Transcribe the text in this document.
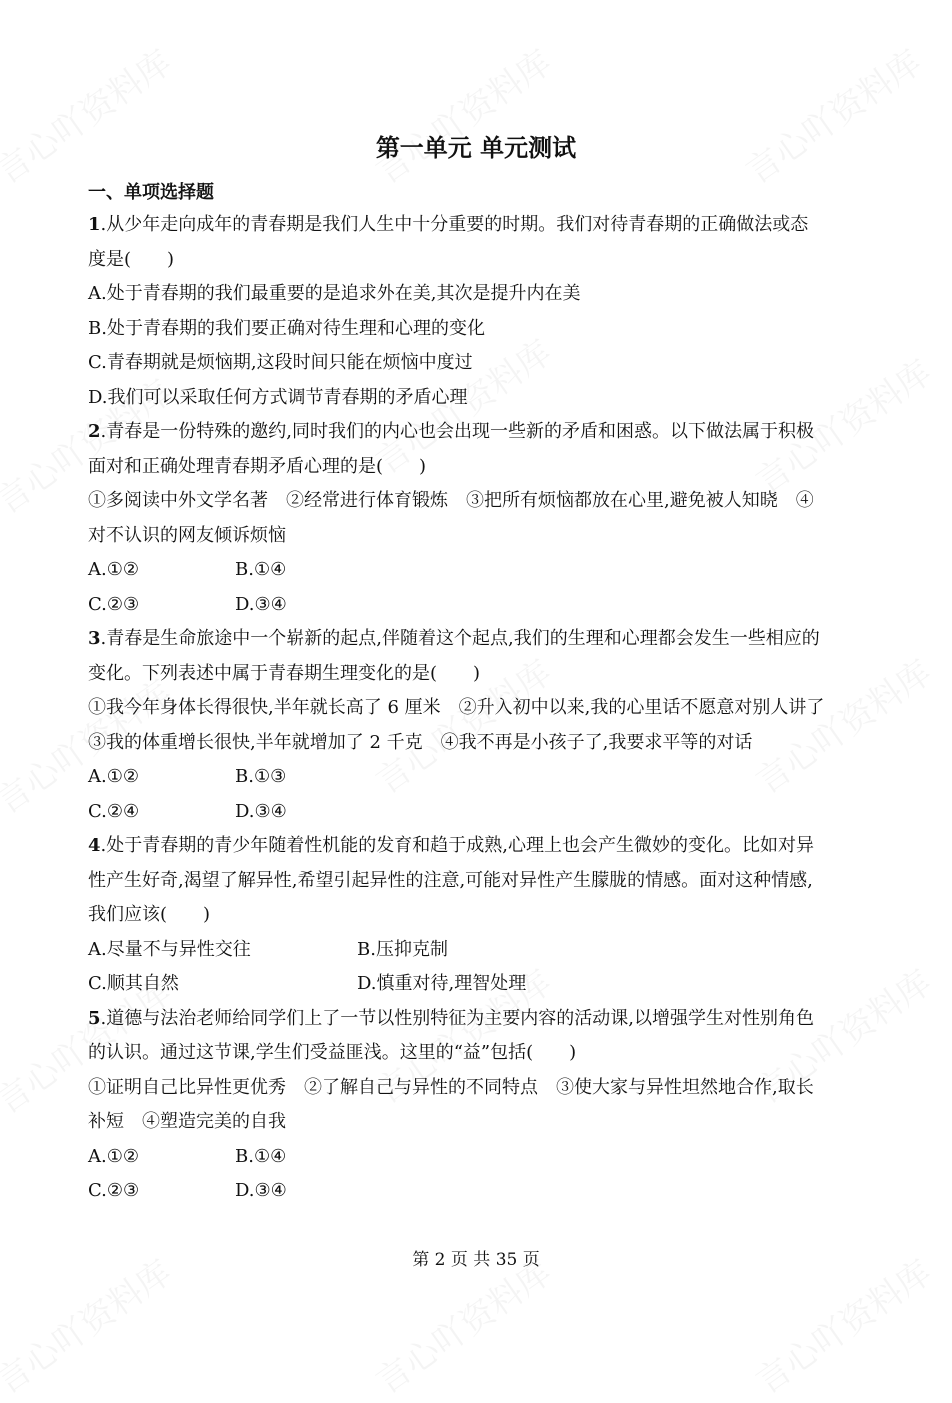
第一单元 单元测试
一、单项选择题
1.从少年走向成年的青春期是我们人生中十分重要的时期。我们对待青春期的正确做法或态
度是(　　)
A.处于青春期的我们最重要的是追求外在美,其次是提升内在美
B.处于青春期的我们要正确对待生理和心理的变化
C.青春期就是烦恼期,这段时间只能在烦恼中度过
D.我们可以采取任何方式调节青春期的矛盾心理
2.青春是一份特殊的邀约,同时我们的内心也会出现一些新的矛盾和困惑。以下做法属于积极
面对和正确处理青春期矛盾心理的是(　　)
①多阅读中外文学名著　②经常进行体育锻炼　③把所有烦恼都放在心里,避免被人知晓　④
对不认识的网友倾诉烦恼
A.①②	B.①④
C.②③	D.③④
3.青春是生命旅途中一个崭新的起点,伴随着这个起点,我们的生理和心理都会发生一些相应的
变化。下列表述中属于青春期生理变化的是(　　)
①我今年身体长得很快,半年就长高了 6 厘米　②升入初中以来,我的心里话不愿意对别人讲了
③我的体重增长很快,半年就增加了 2 千克　④我不再是小孩子了,我要求平等的对话
A.①②	B.①③
C.②④	D.③④
4.处于青春期的青少年随着性机能的发育和趋于成熟,心理上也会产生微妙的变化。比如对异
性产生好奇,渴望了解异性,希望引起异性的注意,可能对异性产生朦胧的情感。面对这种情感,
我们应该(　　)
A.尽量不与异性交往	B.压抑克制
C.顺其自然	D.慎重对待,理智处理
5.道德与法治老师给同学们上了一节以性别特征为主要内容的活动课,以增强学生对性别角色
的认识。通过这节课,学生们受益匪浅。这里的“益”包括(　　)
①证明自己比异性更优秀　②了解自己与异性的不同特点　③使大家与异性坦然地合作,取长
补短　④塑造完美的自我
A.①②	B.①④
C.②③	D.③④
第 2 页 共 35 页
